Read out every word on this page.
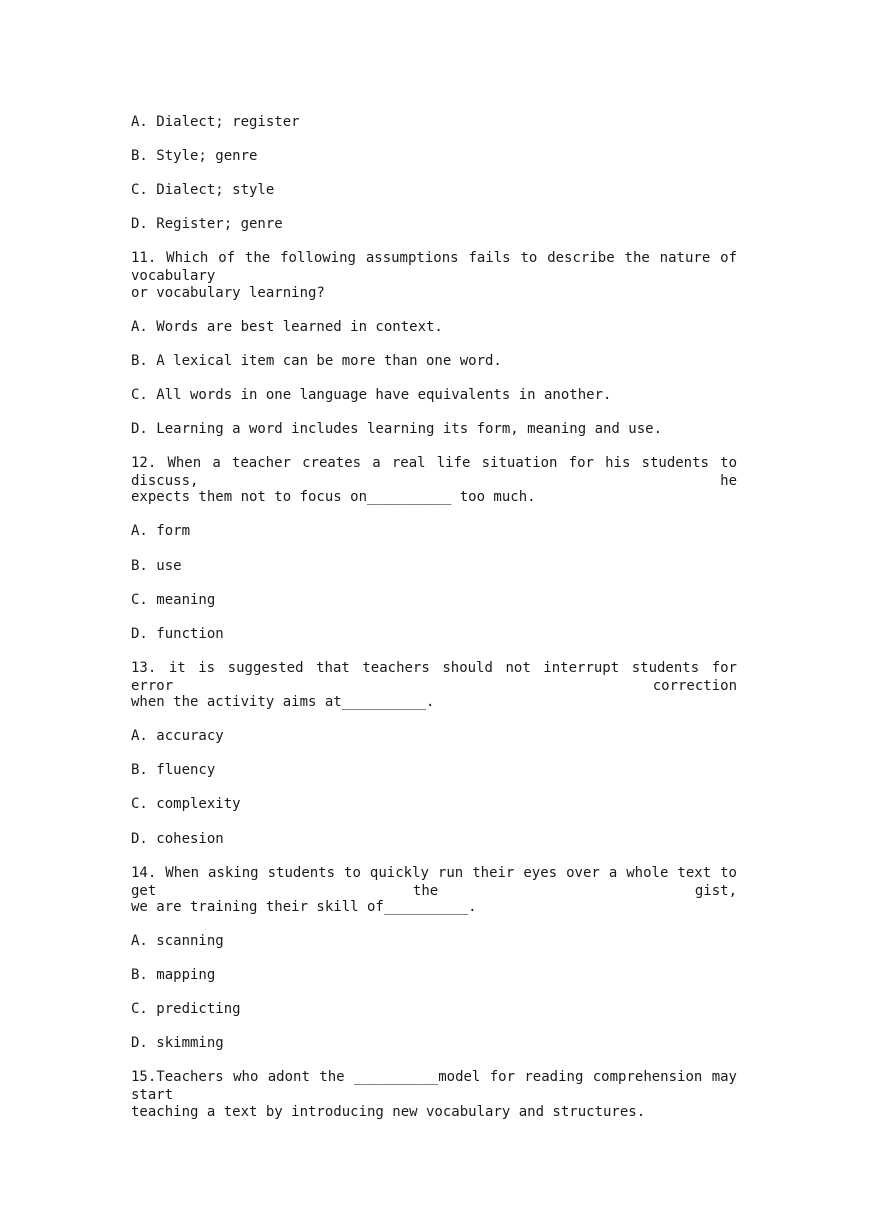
A. Dialect; register
B. Style; genre
C. Dialect; style
D. Register; genre
11. Which of the following assumptions fails to describe the nature of vocabulary
or vocabulary learning?
A. Words are best learned in context.
B. A lexical item can be more than one word.
C. All words in one language have equivalents in another.
D. Learning a word includes learning its form, meaning and use.
12. When a teacher creates a real life situation for his students to discuss, he
expects them not to focus on__________ too much.
A. form
B. use
C. meaning
D. function
13. it is suggested that teachers should not interrupt students for error correction
when the activity aims at__________.
A. accuracy
B. fluency
C. complexity
D. cohesion
14. When asking students to quickly run their eyes over a whole text to get the gist,
we are training their skill of__________.
A. scanning
B. mapping
C. predicting
D. skimming
15.Teachers who adont the __________model for reading comprehension may start
teaching a text by introducing new vocabulary and structures.
